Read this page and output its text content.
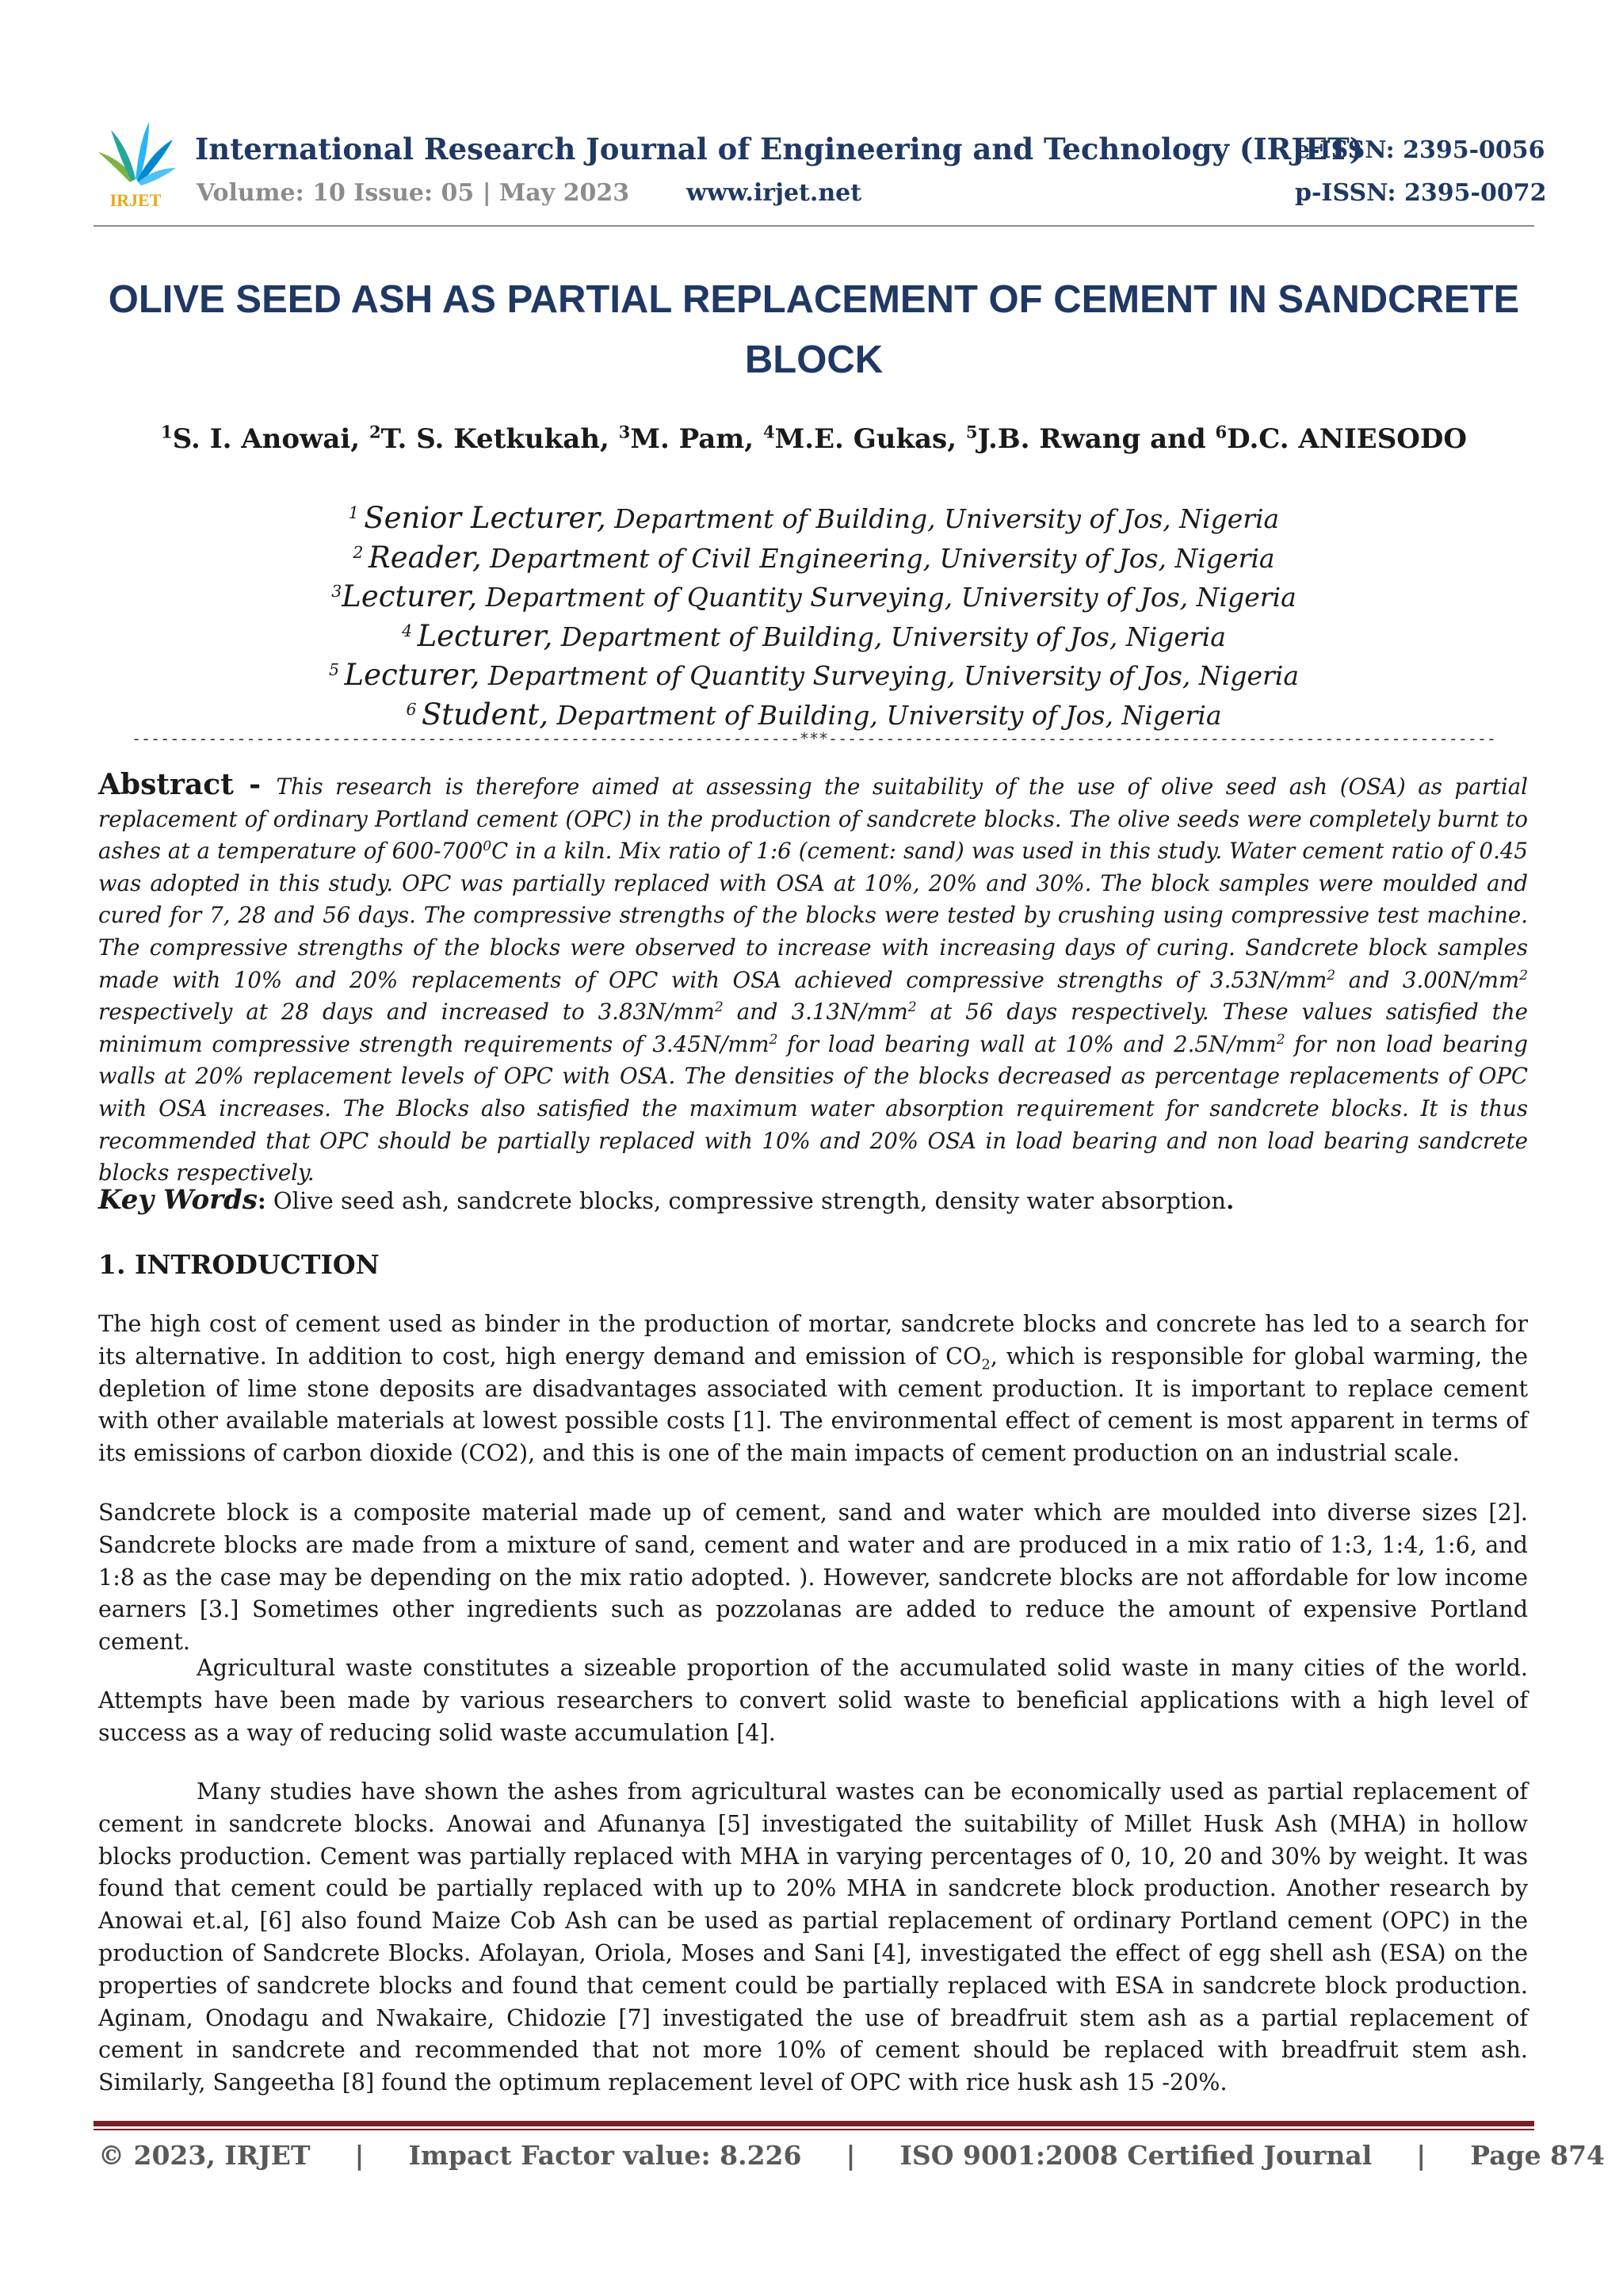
IRJET
International Research Journal of Engineering and Technology (IRJET)
e-ISSN: 2395-0056
Volume: 10 Issue: 05 | May 2023 www.irjet.net	p-ISSN: 2395-0072
OLIVE SEED ASH AS PARTIAL REPLACEMENT OF CEMENT IN SANDCRETE BLOCK
$^1$S. I. Anowai, $^2$T. S. Ketkukah, $^3$M. Pam, $^4$M.E. Gukas, $^5$J.B. Rwang and $^6$D.C. ANIESODO
$^1$ Senior Lecturer, Department of Building, University of Jos, Nigeria
$^2$ Reader, Department of Civil Engineering, University of Jos, Nigeria
$^3$Lecturer, Department of Quantity Surveying, University of Jos, Nigeria
$^4$ Lecturer, Department of Building, University of Jos, Nigeria
$^5$ Lecturer, Department of Quantity Surveying, University of Jos, Nigeria
$^6$ Student, Department of Building, University of Jos, Nigeria
----------------------------------------------------------------------***----------------------------------------------------------------------
Abstract - This research is therefore aimed at assessing the suitability of the use of olive seed ash (OSA) as partial replacement of ordinary Portland cement (OPC) in the production of sandcrete blocks. The olive seeds were completely burnt to ashes at a temperature of $600-700^0C$ in a kiln. Mix ratio of 1:6 (cement: sand) was used in this study. Water cement ratio of 0.45 was adopted in this study. OPC was partially replaced with OSA at 10%, 20% and 30%. The block samples were moulded and cured for 7, 28 and 56 days. The compressive strengths of the blocks were tested by crushing using compressive test machine. The compressive strengths of the blocks were observed to increase with increasing days of curing. Sandcrete block samples made with 10% and 20% replacements of OPC with OSA achieved compressive strengths of $3.53N/mm^2$ and $3.00N/mm^2$ respectively at 28 days and increased to $3.83N/mm^2$ and $3.13N/mm^2$ at 56 days respectively. These values satisfied the minimum compressive strength requirements of $3.45N/mm^2$ for load bearing wall at 10% and $2.5N/mm^2$ for non load bearing walls at 20% replacement levels of OPC with OSA. The densities of the blocks decreased as percentage replacements of OPC with OSA increases. The Blocks also satisfied the maximum water absorption requirement for sandcrete blocks. It is thus recommended that OPC should be partially replaced with 10% and 20% OSA in load bearing and non load bearing sandcrete blocks respectively.
Key Words: Olive seed ash, sandcrete blocks, compressive strength, density water absorption.
1. INTRODUCTION
The high cost of cement used as binder in the production of mortar, sandcrete blocks and concrete has led to a search for its alternative. In addition to cost, high energy demand and emission of $CO_2$, which is responsible for global warming, the depletion of lime stone deposits are disadvantages associated with cement production. It is important to replace cement with other available materials at lowest possible costs [1]. The environmental effect of cement is most apparent in terms of its emissions of carbon dioxide (CO2), and this is one of the main impacts of cement production on an industrial scale.
Sandcrete block is a composite material made up of cement, sand and water which are moulded into diverse sizes [2]. Sandcrete blocks are made from a mixture of sand, cement and water and are produced in a mix ratio of 1:3, 1:4, 1:6, and 1:8 as the case may be depending on the mix ratio adopted. ). However, sandcrete blocks are not affordable for low income earners [3.] Sometimes other ingredients such as pozzolanas are added to reduce the amount of expensive Portland cement.
Agricultural waste constitutes a sizeable proportion of the accumulated solid waste in many cities of the world. Attempts have been made by various researchers to convert solid waste to beneficial applications with a high level of success as a way of reducing solid waste accumulation [4].
Many studies have shown the ashes from agricultural wastes can be economically used as partial replacement of cement in sandcrete blocks. Anowai and Afunanya [5] investigated the suitability of Millet Husk Ash (MHA) in hollow blocks production. Cement was partially replaced with MHA in varying percentages of 0, 10, 20 and 30% by weight. It was found that cement could be partially replaced with up to 20% MHA in sandcrete block production. Another research by Anowai et.al, [6] also found Maize Cob Ash can be used as partial replacement of ordinary Portland cement (OPC) in the production of Sandcrete Blocks. Afolayan, Oriola, Moses and Sani [4], investigated the effect of egg shell ash (ESA) on the properties of sandcrete blocks and found that cement could be partially replaced with ESA in sandcrete block production. Aginam, Onodagu and Nwakaire, Chidozie [7] investigated the use of breadfruit stem ash as a partial replacement of cement in sandcrete and recommended that not more 10% of cement should be replaced with breadfruit stem ash. Similarly, Sangeetha [8] found the optimum replacement level of OPC with rice husk ash 15 -20%.
© 2023, IRJET | Impact Factor value: 8.226 | ISO 9001:2008 Certified Journal | Page 874
